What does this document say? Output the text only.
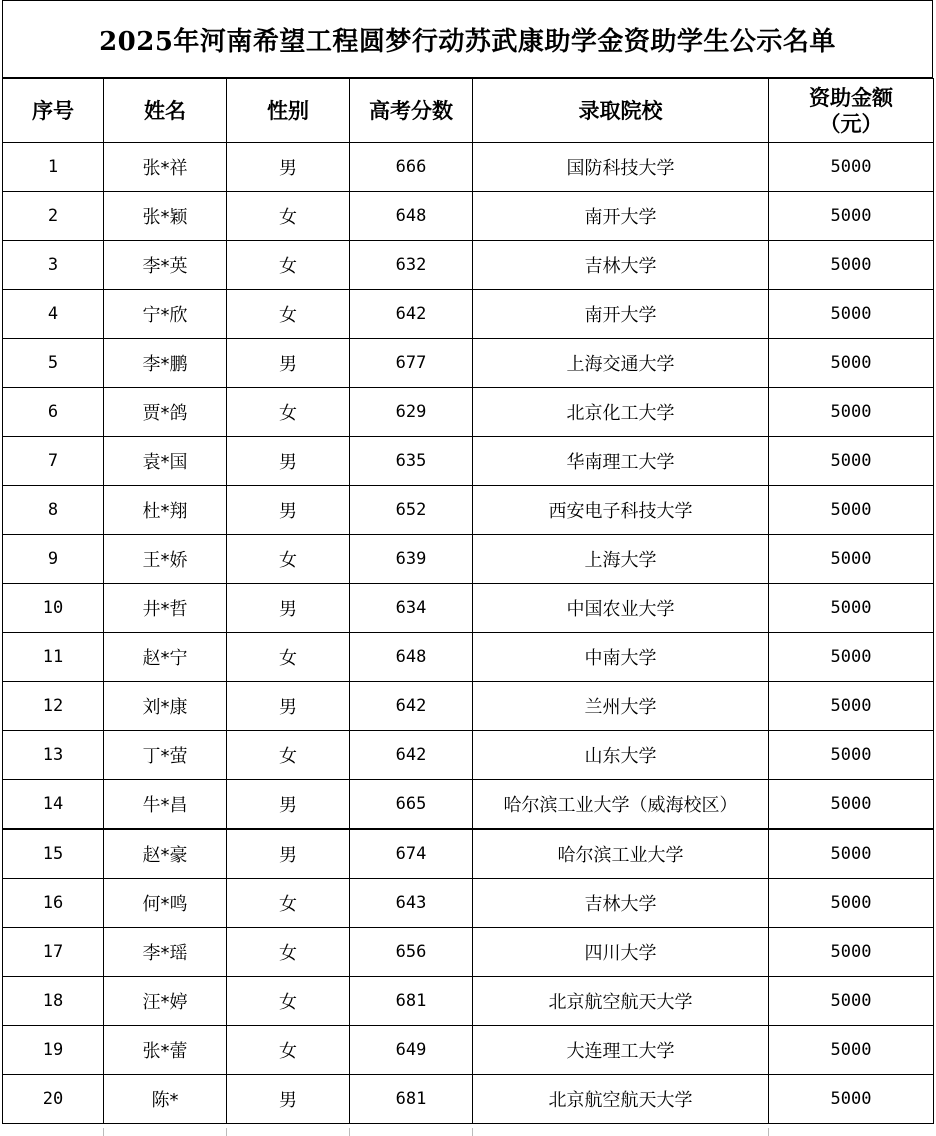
2025年河南希望工程圆梦行动苏武康助学金资助学生公示名单
序号	姓名	性别	高考分数	录取院校	资助金额
（元）

1	张*祥	男	666	国防科技大学	5000
2	张*颖	女	648	南开大学	5000
3	李*英	女	632	吉林大学	5000
4	宁*欣	女	642	南开大学	5000
5	李*鹏	男	677	上海交通大学	5000
6	贾*鸽	女	629	北京化工大学	5000
7	袁*国	男	635	华南理工大学	5000
8	杜*翔	男	652	西安电子科技大学	5000
9	王*娇	女	639	上海大学	5000
10	井*哲	男	634	中国农业大学	5000
11	赵*宁	女	648	中南大学	5000
12	刘*康	男	642	兰州大学	5000
13	丁*萤	女	642	山东大学	5000
14	牛*昌	男	665	哈尔滨工业大学（威海校区）	5000
15	赵*豪	男	674	哈尔滨工业大学	5000
16	何*鸣	女	643	吉林大学	5000
17	李*瑶	女	656	四川大学	5000
18	汪*婷	女	681	北京航空航天大学	5000
19	张*蕾	女	649	大连理工大学	5000
20	陈*	男	681	北京航空航天大学	5000
